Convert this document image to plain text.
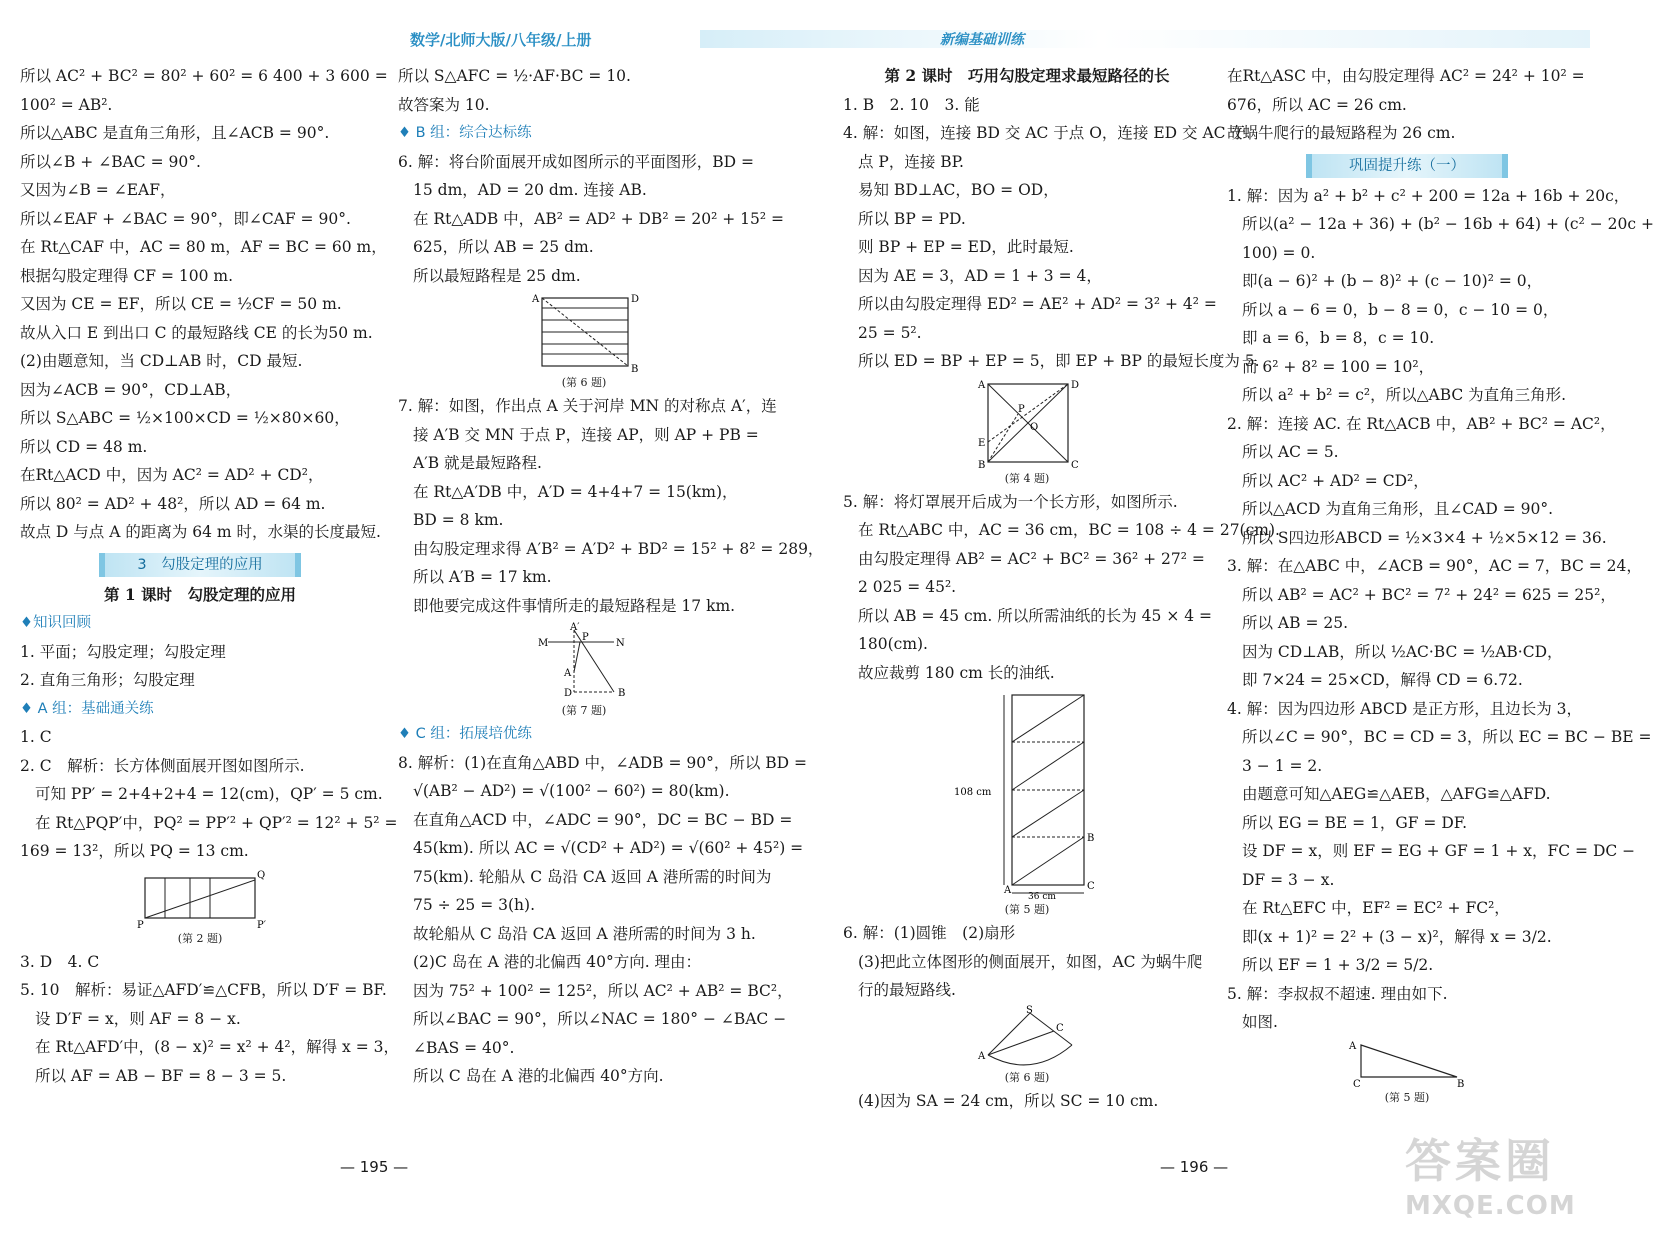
数学/北师大版/八年级/上册	新编基础训练

所以 AC² + BC² = 80² + 60² = 6 400 + 3 600 =

100² = AB².

所以△ABC 是直角三角形，且∠ACB = 90°.

所以∠B + ∠BAC = 90°.

又因为∠B = ∠EAF，

所以∠EAF + ∠BAC = 90°，即∠CAF = 90°.

在 Rt△CAF 中，AC = 80 m，AF = BC = 60 m，

根据勾股定理得 CF = 100 m.

又因为 CE = EF，所以 CE = ½CF = 50 m.

故从入口 E 到出口 C 的最短路线 CE 的长为50 m.

(2)由题意知，当 CD⊥AB 时，CD 最短.

因为∠ACB = 90°，CD⊥AB，

所以 S△ABC = ½×100×CD = ½×80×60，

所以 CD = 48 m.

在Rt△ACD 中，因为 AC² = AD² + CD²，

所以 80² = AD² + 48²，所以 AD = 64 m.

故点 D 与点 A 的距离为 64 m 时，水渠的长度最短.

3　勾股定理的应用

第 1 课时　勾股定理的应用

♦知识回顾

1. 平面；勾股定理；勾股定理

2. 直角三角形；勾股定理

♦ A 组：基础通关练

1. C

2. C　解析：长方体侧面展开图如图所示.

可知 PP′ = 2+4+2+4 = 12(cm)，QP′ = 5 cm.

在 Rt△PQP′中，PQ² = PP′² + QP′² = 12² + 5² =

169 = 13²，所以 PQ = 13 cm.

P	P′
Q

(第 2 题)

3. D　4. C

5. 10　解析：易证△AFD′≌△CFB，所以 D′F = BF.

设 D′F = x，则 AF = 8 − x.

在 Rt△AFD′中，(8 − x)² = x² + 4²，解得 x = 3，

所以 AF = AB − BF = 8 − 3 = 5.

所以 S△AFC = ½·AF·BC = 10.

故答案为 10.

♦ B 组：综合达标练

6. 解：将台阶面展开成如图所示的平面图形，BD =

15 dm，AD = 20 dm. 连接 AB.

在 Rt△ADB 中，AB² = AD² + DB² = 20² + 15² =

625，所以 AB = 25 dm.

所以最短路程是 25 dm.

A	D
B

(第 6 题)

7. 解：如图，作出点 A 关于河岸 MN 的对称点 A′，连

接 A′B 交 MN 于点 P，连接 AP，则 AP + PB =

A′B 就是最短路程.

在 Rt△A′DB 中，A′D = 4+4+7 = 15(km)，

BD = 8 km.

由勾股定理求得 A′B² = A′D² + BD² = 15² + 8² = 289，

所以 A′B = 17 km.

即他要完成这件事情所走的最短路程是 17 km.

M	N
A′
P
A
D	B

(第 7 题)

♦ C 组：拓展培优练

8. 解析：(1)在直角△ABD 中，∠ADB = 90°，所以 BD =

√(AB² − AD²) = √(100² − 60²) = 80(km).

在直角△ACD 中，∠ADC = 90°，DC = BC − BD =

45(km). 所以 AC = √(CD² + AD²) = √(60² + 45²) =

75(km). 轮船从 C 岛沿 CA 返回 A 港所需的时间为

75 ÷ 25 = 3(h).

故轮船从 C 岛沿 CA 返回 A 港所需的时间为 3 h.

(2)C 岛在 A 港的北偏西 40°方向. 理由：

因为 75² + 100² = 125²，所以 AC² + AB² = BC²，

所以∠BAC = 90°，所以∠NAC = 180° − ∠BAC −

∠BAS = 40°.

所以 C 岛在 A 港的北偏西 40°方向.

第 2 课时　巧用勾股定理求最短路径的长

1. B　2. 10　3. 能

4. 解：如图，连接 BD 交 AC 于点 O，连接 ED 交 AC 于

点 P，连接 BP.

易知 BD⊥AC，BO = OD，

所以 BP = PD.

则 BP + EP = ED，此时最短.

因为 AE = 3，AD = 1 + 3 = 4，

所以由勾股定理得 ED² = AE² + AD² = 3² + 4² =

25 = 5².

所以 ED = BP + EP = 5，即 EP + BP 的最短长度为 5.

A	D
E
B	C
P
O

(第 4 题)

5. 解：将灯罩展开后成为一个长方形，如图所示.

在 Rt△ABC 中，AC = 36 cm，BC = 108 ÷ 4 = 27(cm).

由勾股定理得 AB² = AC² + BC² = 36² + 27² =

2 025 = 45².

所以 AB = 45 cm. 所以所需油纸的长为 45 × 4 =

180(cm).

故应裁剪 180 cm 长的油纸.

108 cm
36 cm
A
B
C

(第 5 题)

6. 解：(1)圆锥　(2)扇形

(3)把此立体图形的侧面展开，如图，AC 为蜗牛爬

行的最短路线.

S
A
C

(第 6 题)

(4)因为 SA = 24 cm，所以 SC = 10 cm.

在Rt△ASC 中，由勾股定理得 AC² = 24² + 10² =

676，所以 AC = 26 cm.

故蜗牛爬行的最短路程为 26 cm.

巩固提升练（一）

1. 解：因为 a² + b² + c² + 200 = 12a + 16b + 20c，

所以(a² − 12a + 36) + (b² − 16b + 64) + (c² − 20c +

100) = 0.

即(a − 6)² + (b − 8)² + (c − 10)² = 0，

所以 a − 6 = 0，b − 8 = 0，c − 10 = 0，

即 a = 6，b = 8，c = 10.

而 6² + 8² = 100 = 10²，

所以 a² + b² = c²，所以△ABC 为直角三角形.

2. 解：连接 AC. 在 Rt△ACB 中，AB² + BC² = AC²，

所以 AC = 5.

所以 AC² + AD² = CD²，

所以△ACD 为直角三角形，且∠CAD = 90°.

所以 S四边形ABCD = ½×3×4 + ½×5×12 = 36.

3. 解：在△ABC 中，∠ACB = 90°，AC = 7，BC = 24，

所以 AB² = AC² + BC² = 7² + 24² = 625 = 25²，

所以 AB = 25.

因为 CD⊥AB，所以 ½AC·BC = ½AB·CD，

即 7×24 = 25×CD，解得 CD = 6.72.

4. 解：因为四边形 ABCD 是正方形，且边长为 3，

所以∠C = 90°，BC = CD = 3，所以 EC = BC − BE =

3 − 1 = 2.

由题意可知△AEG≌△AEB，△AFG≌△AFD.

所以 EG = BE = 1，GF = DF.

设 DF = x，则 EF = EG + GF = 1 + x，FC = DC −

DF = 3 − x.

在 Rt△EFC 中，EF² = EC² + FC²，

即(x + 1)² = 2² + (3 − x)²，解得 x = 3/2.

所以 EF = 1 + 3/2 = 5/2.

5. 解：李叔叔不超速. 理由如下.

如图.

A
C	B

(第 5 题)

— 195 —	— 196 —	答案圈
MXQE.COM
